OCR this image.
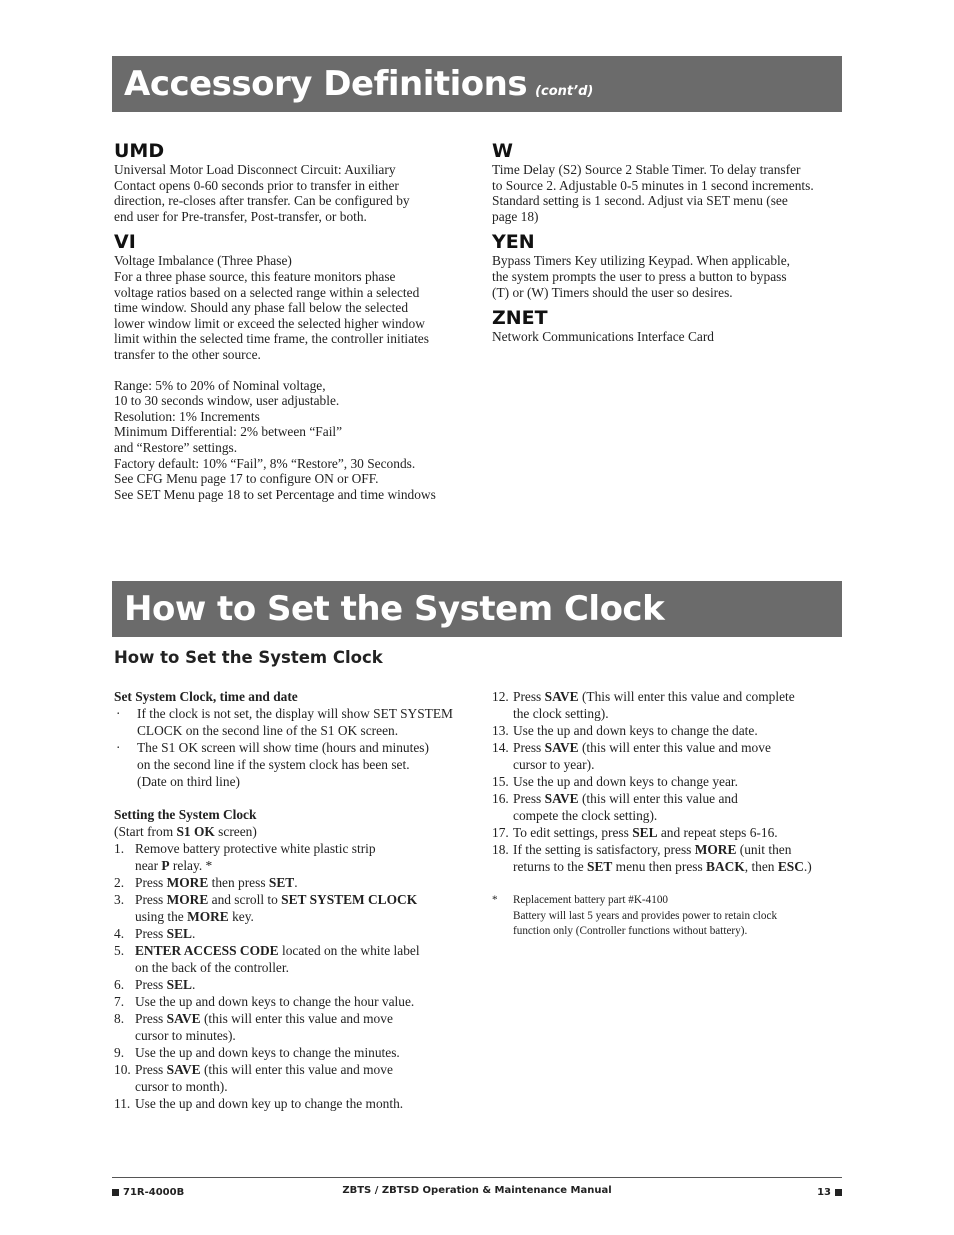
Accessory Definitions (cont’d)

UMD

Universal Motor Load Disconnect Circuit: Auxiliary

Contact opens 0-60 seconds prior to transfer in either

direction, re-closes after transfer. Can be configured by

end user for Pre-transfer, Post-transfer, or both.

VI

Voltage Imbalance (Three Phase)

For a three phase source, this feature monitors phase

voltage ratios based on a selected range within a selected

time window. Should any phase fall below the selected

lower window limit or exceed the selected higher window

limit within the selected time frame, the controller initiates

transfer to the other source.

Range: 5% to 20% of Nominal voltage,

10 to 30 seconds window, user adjustable.

Resolution: 1% Increments

Minimum Differential: 2% between “Fail”

and “Restore” settings.

Factory default: 10% “Fail”, 8% “Restore”, 30 Seconds.

See CFG Menu page 17 to configure ON or OFF.

See SET Menu page 18 to set Percentage and time windows

W

Time Delay (S2) Source 2 Stable Timer. To delay transfer

to Source 2. Adjustable 0-5 minutes in 1 second increments.

Standard setting is 1 second. Adjust via SET menu (see

page 18)

YEN

Bypass Timers Key utilizing Keypad. When applicable,

the system prompts the user to press a button to bypass

(T) or (W) Timers should the user so desires.

ZNET

Network Communications Interface Card

How to Set the System Clock
How to Set the System Clock

Set System Clock, time and date

·	If the clock is not set, the display will show SET SYSTEM
CLOCK on the second line of the S1 OK screen.
·	The S1 OK screen will show time (hours and minutes)
on the second line if the system clock has been set.
(Date on third line)

Setting the System Clock

(Start from S1 OK screen)

1. Remove battery protective white plastic strip
near P relay. *
2. Press MORE then press SET.
3. Press MORE and scroll to SET SYSTEM CLOCK
using the MORE key.
4. Press SEL.
5. ENTER ACCESS CODE located on the white label
on the back of the controller.
6. Press SEL.
7. Use the up and down keys to change the hour value.
8. Press SAVE (this will enter this value and move
cursor to minutes).
9. Use the up and down keys to change the minutes.
10. Press SAVE (this will enter this value and move
cursor to month).
11. Use the up and down key up to change the month.
12. Press SAVE (This will enter this value and complete
the clock setting).
13. Use the up and down keys to change the date.
14. Press SAVE (this will enter this value and move
cursor to year).
15. Use the up and down keys to change year.
16. Press SAVE (this will enter this value and
compete the clock setting).
17. To edit settings, press SEL and repeat steps 6-16.
18. If the setting is satisfactory, press MORE (unit then
returns to the SET menu then press BACK, then ESC.)
*	Replacement battery part #K-4100
Battery will last 5 years and provides power to retain clock
function only (Controller functions without battery).
71R-4000B	ZBTS / ZBTSD Operation & Maintenance Manual	13
